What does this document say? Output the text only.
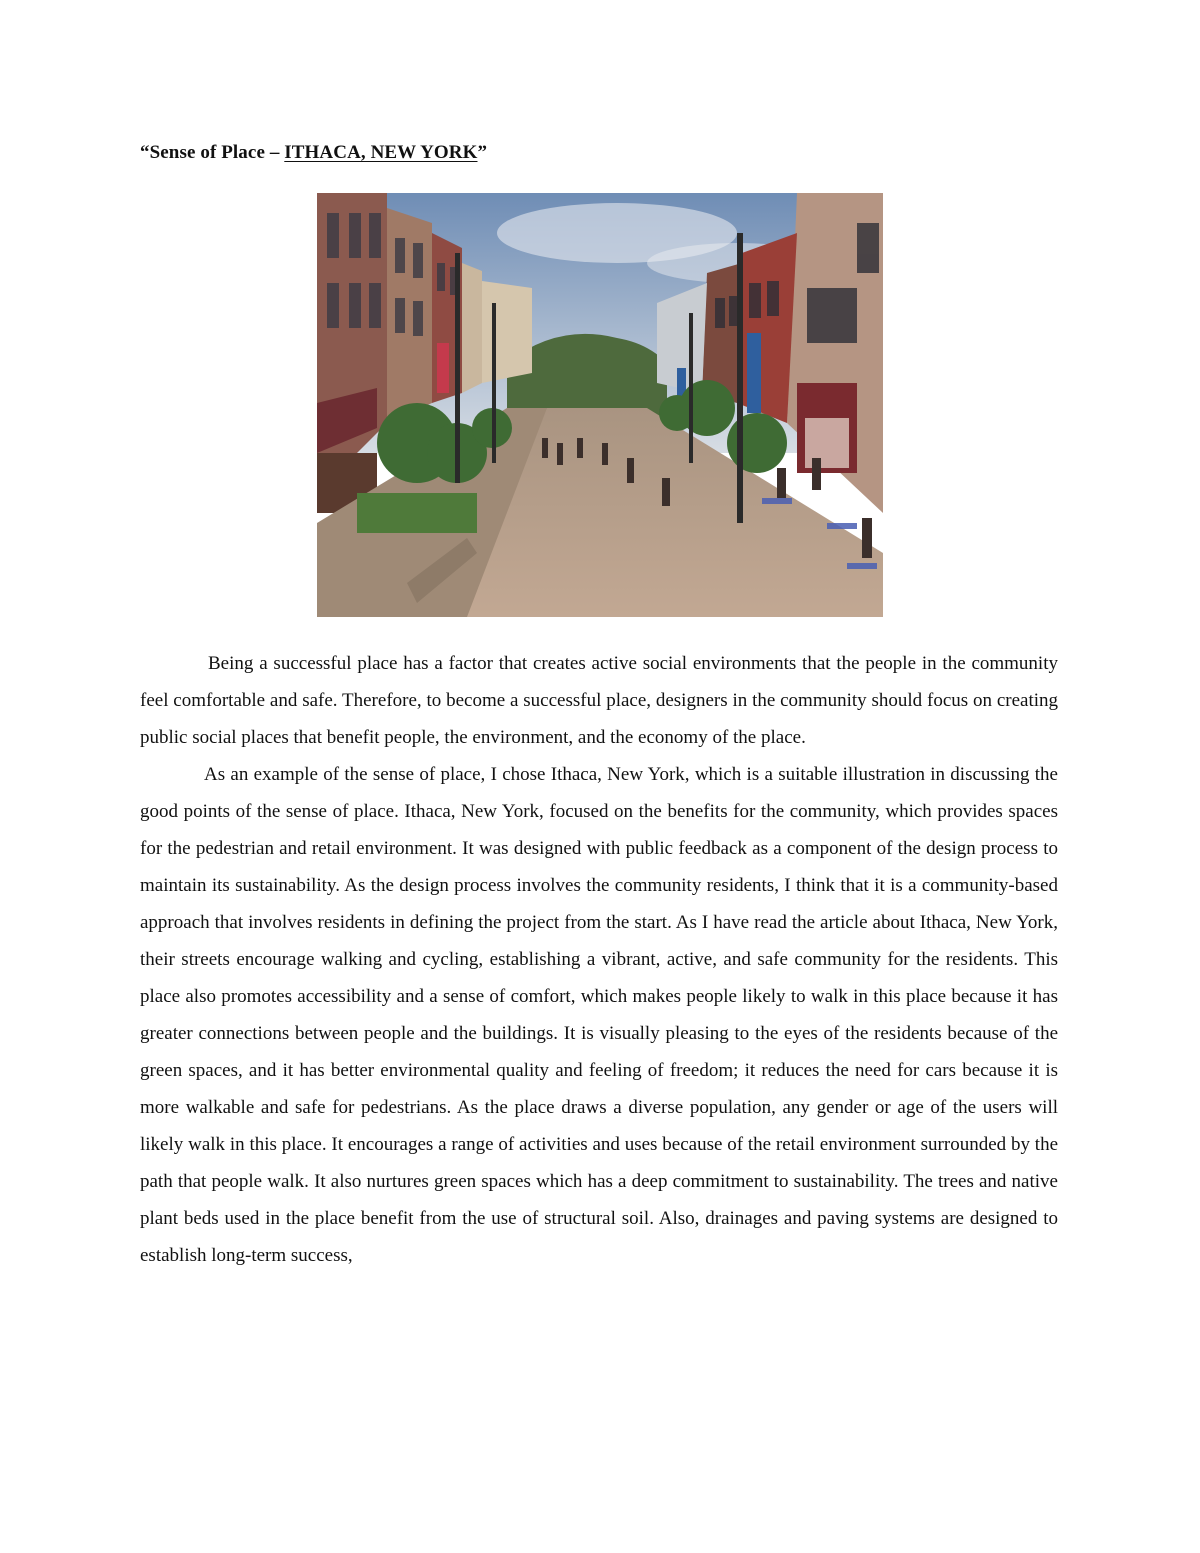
“Sense of Place – ITHACA, NEW YORK”

Being a successful place has a factor that creates active social environments that the people in the community feel comfortable and safe. Therefore, to become a successful place, designers in the community should focus on creating public social places that benefit people, the environment, and the economy of the place.

As an example of the sense of place, I chose Ithaca, New York, which is a suitable illustration in discussing the good points of the sense of place. Ithaca, New York, focused on the benefits for the community, which provides spaces for the pedestrian and retail environment. It was designed with public feedback as a component of the design process to maintain its sustainability. As the design process involves the community residents, I think that it is a community-based approach that involves residents in defining the project from the start. As I have read the article about Ithaca, New York, their streets encourage walking and cycling, establishing a vibrant, active, and safe community for the residents. This place also promotes accessibility and a sense of comfort, which makes people likely to walk in this place because it has greater connections between people and the buildings. It is visually pleasing to the eyes of the residents because of the green spaces, and it has better environmental quality and feeling of freedom; it reduces the need for cars because it is more walkable and safe for pedestrians. As the place draws a diverse population, any gender or age of the users will likely walk in this place. It encourages a range of activities and uses because of the retail environment surrounded by the path that people walk. It also nurtures green spaces which has a deep commitment to sustainability. The trees and native plant beds used in the place benefit from the use of structural soil. Also, drainages and paving systems are designed to establish long-term success,
